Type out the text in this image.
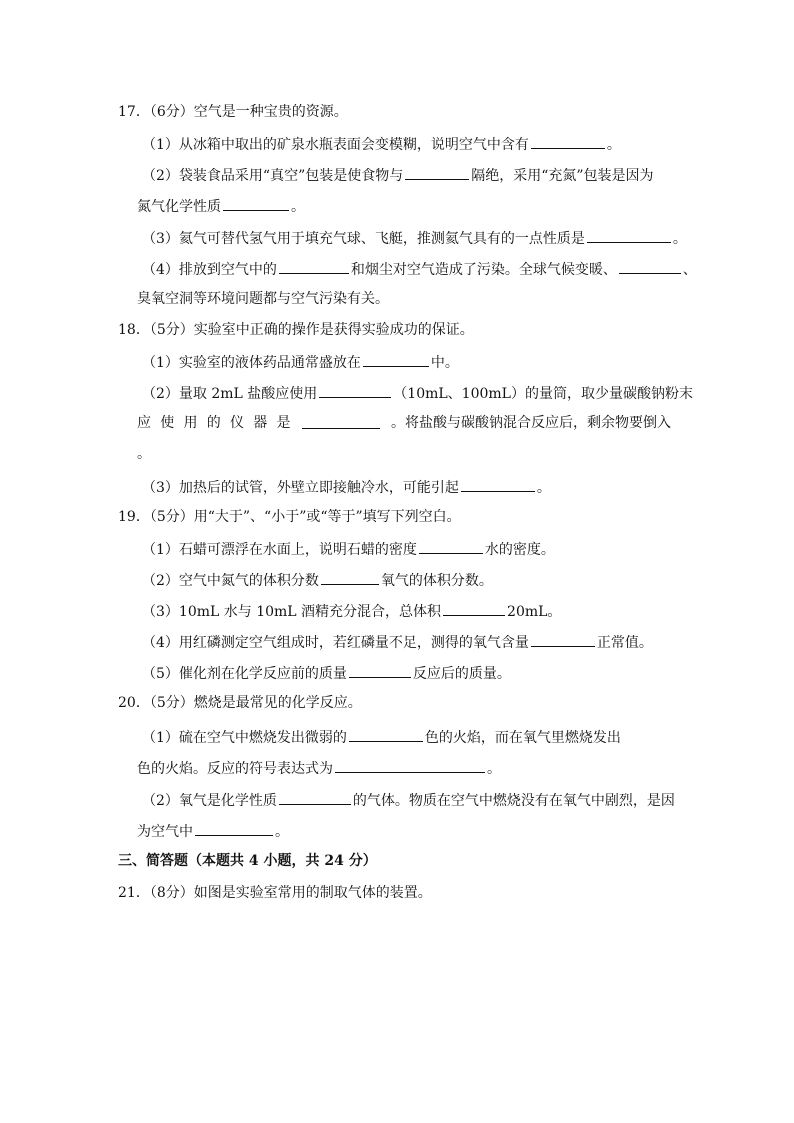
17．（6分）空气是一种宝贵的资源。
（1）从冰箱中取出的矿泉水瓶表面会变模糊，说明空气中含有	。
（2）袋装食品采用“真空”包装是使食物与	隔绝，采用“充氮”包装是因为
氮气化学性质	。
（3）氦气可替代氢气用于填充气球、飞艇，推测氦气具有的一点性质是	。
（4）排放到空气中的	和烟尘对空气造成了污染。全球气候变暖、	、
臭氧空洞等环境问题都与空气污染有关。
18．（5分）实验室中正确的操作是获得实验成功的保证。
（1）实验室的液体药品通常盛放在	中。
（2）量取 2mL 盐酸应使用	（10mL、100mL）的量筒，取少量碳酸钠粉末
应 使 用 的 仪 器 是	。将盐酸与碳酸钠混合反应后，剩余物要倒入
。
（3）加热后的试管，外壁立即接触冷水，可能引起	。
19．（5分）用“大于”、“小于”或“等于”填写下列空白。
（1）石蜡可漂浮在水面上，说明石蜡的密度	水的密度。
（2）空气中氮气的体积分数	氧气的体积分数。
（3）10mL 水与 10mL 酒精充分混合，总体积	20mL。
（4）用红磷测定空气组成时，若红磷量不足，测得的氧气含量	正常值。
（5）催化剂在化学反应前的质量	反应后的质量。
20．（5分）燃烧是最常见的化学反应。
（1）硫在空气中燃烧发出微弱的	色的火焰，而在氧气里燃烧发出
色的火焰。反应的符号表达式为	。
（2）氧气是化学性质	的气体。物质在空气中燃烧没有在氧气中剧烈，是因
为空气中	。
三、简答题（本题共 4 小题，共 24 分）
21．（8分）如图是实验室常用的制取气体的装置。
